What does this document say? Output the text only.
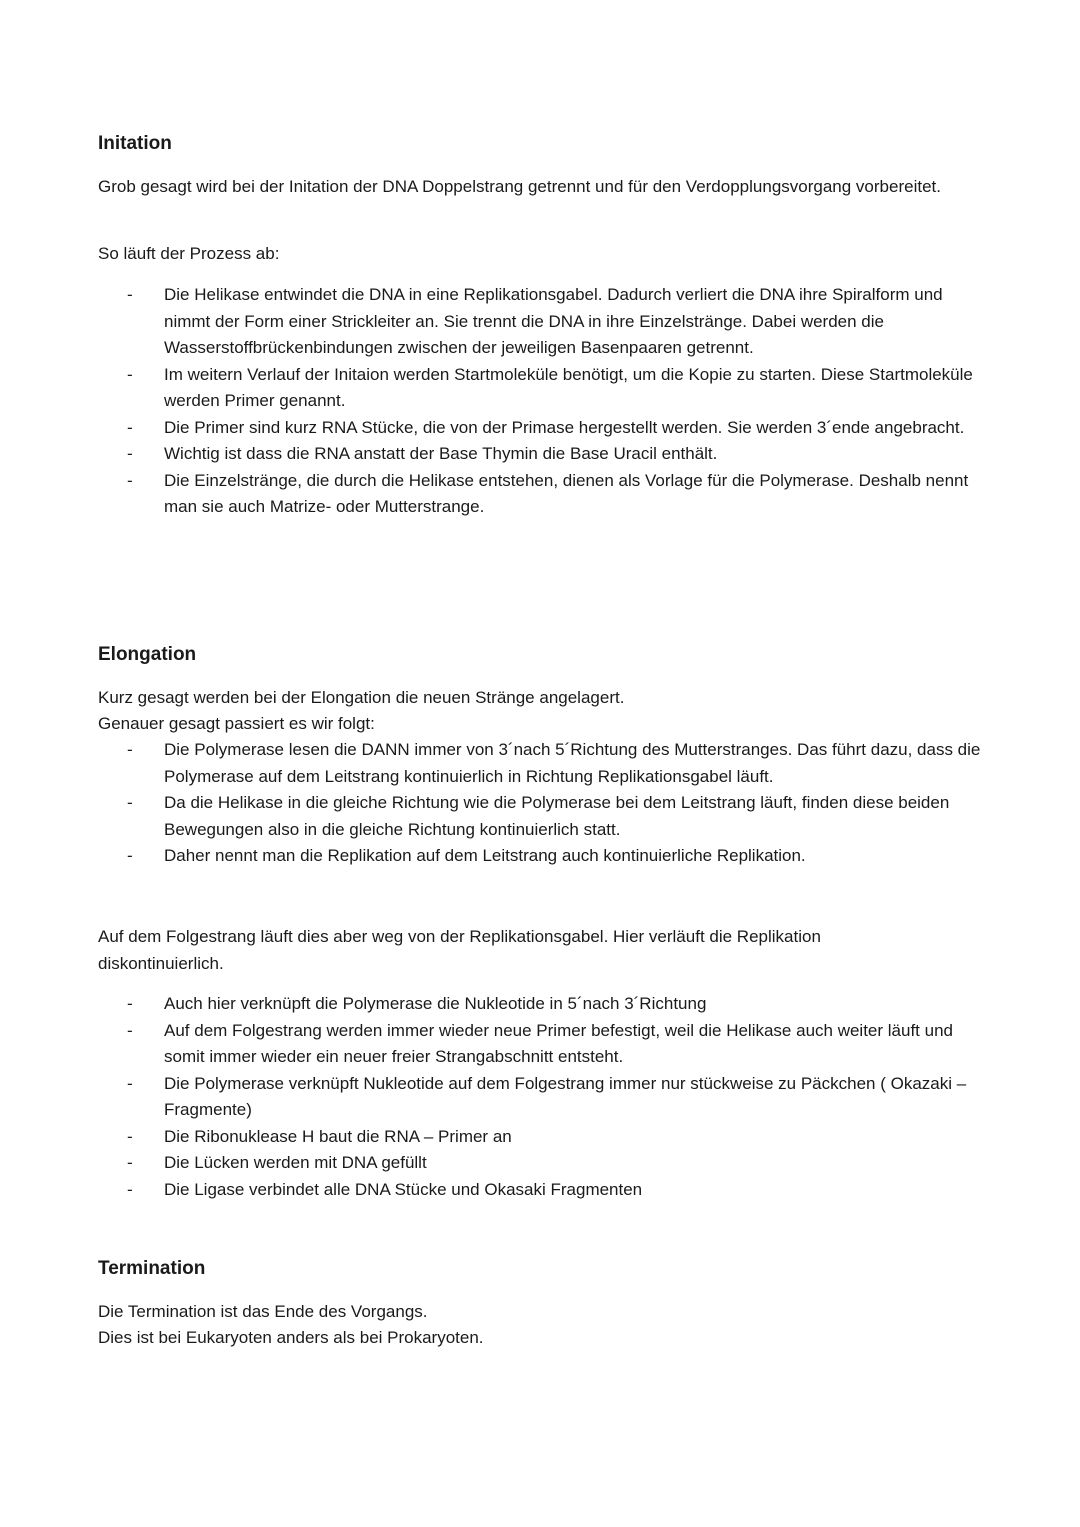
Initation

Grob gesagt wird bei der Initation der DNA Doppelstrang getrennt und für den Verdopplungsvorgang vorbereitet.

So läuft der Prozess ab:

- Die Helikase entwindet die DNA in eine Replikationsgabel. Dadurch verliert die DNA ihre Spiralform und nimmt der Form einer Strickleiter an. Sie trennt die DNA in ihre Einzelstränge. Dabei werden die Wasserstoffbrückenbindungen zwischen der jeweiligen Basenpaaren getrennt.
- Im weitern Verlauf der Initaion werden Startmoleküle benötigt, um die Kopie zu starten. Diese Startmoleküle werden Primer genannt.
- Die Primer sind kurz RNA Stücke, die von der Primase hergestellt werden. Sie werden 3´ende angebracht.
- Wichtig ist dass die RNA anstatt der Base Thymin die Base Uracil enthält.
- Die Einzelstränge, die durch die Helikase entstehen, dienen als Vorlage für die Polymerase. Deshalb nennt man sie auch Matrize- oder Mutterstrange.
Elongation

Kurz gesagt werden bei der Elongation die neuen Stränge angelagert.

Genauer gesagt passiert es wir folgt:

- Die Polymerase lesen die DANN immer von 3´nach 5´Richtung des Mutterstranges. Das führt dazu, dass die Polymerase auf dem Leitstrang kontinuierlich in Richtung Replikationsgabel läuft.
- Da die Helikase in die gleiche Richtung wie die Polymerase bei dem Leitstrang läuft, finden diese beiden Bewegungen also in die gleiche Richtung kontinuierlich statt.
- Daher nennt man die Replikation auf dem Leitstrang auch kontinuierliche Replikation.

Auf dem Folgestrang läuft dies aber weg von der Replikationsgabel. Hier verläuft die Replikation diskontinuierlich.

- Auch hier verknüpft die Polymerase die Nukleotide in 5´nach 3´Richtung
- Auf dem Folgestrang werden immer wieder neue Primer befestigt, weil die Helikase auch weiter läuft und somit immer wieder ein neuer freier Strangabschnitt entsteht.
- Die Polymerase verknüpft Nukleotide auf dem Folgestrang immer nur stückweise zu Päckchen ( Okazaki – Fragmente)
- Die Ribonuklease H baut die RNA – Primer an
- Die Lücken werden mit DNA gefüllt
- Die Ligase verbindet alle DNA Stücke und Okasaki Fragmenten
Termination

Die Termination ist das Ende des Vorgangs.

Dies ist bei Eukaryoten anders als bei Prokaryoten.
